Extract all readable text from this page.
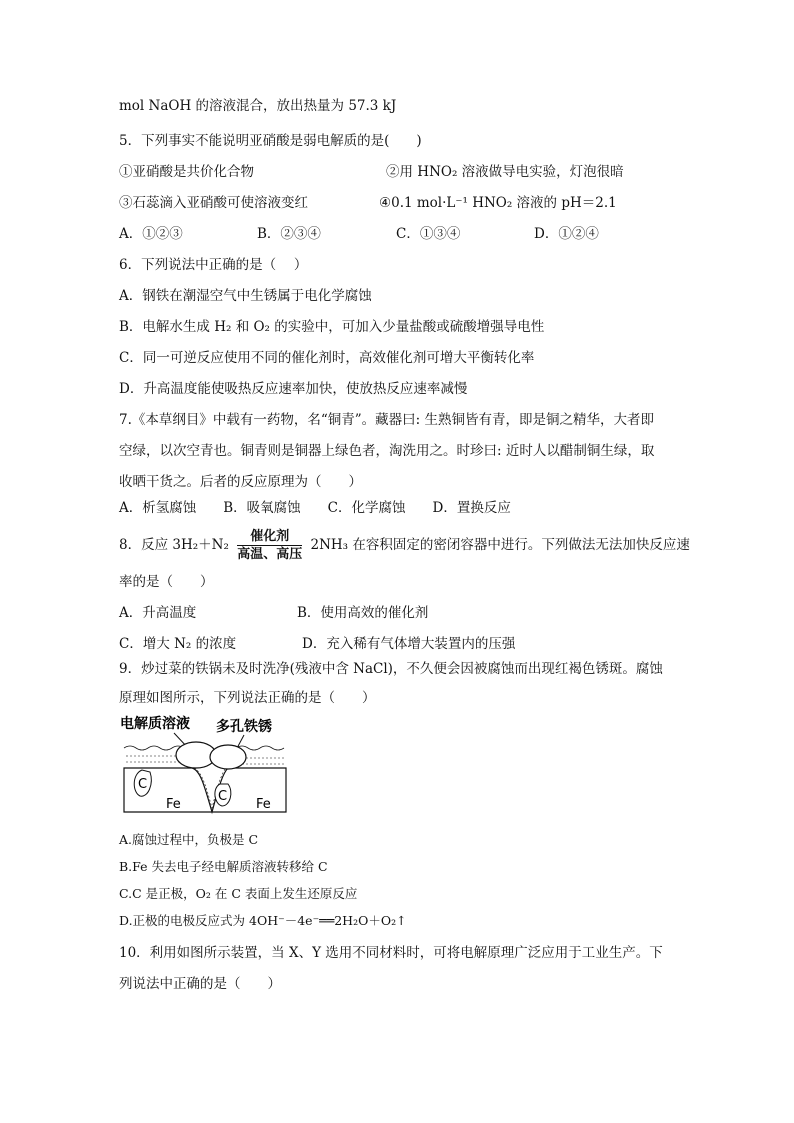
mol NaOH 的溶液混合，放出热量为 57.3 kJ
5．下列事实不能说明亚硝酸是弱电解质的是(　　)
①亚硝酸是共价化合物	②用 HNO₂ 溶液做导电实验，灯泡很暗
③石蕊滴入亚硝酸可使溶液变红	④0.1 mol·L⁻¹ HNO₂ 溶液的 pH＝2.1
A．①②③	B．②③④	C．①③④	D．①②④
6．下列说法中正确的是（　 ）
A．钢铁在潮湿空气中生锈属于电化学腐蚀
B．电解水生成 H₂ 和 O₂ 的实验中，可加入少量盐酸或硫酸增强导电性
C．同一可逆反应使用不同的催化剂时，高效催化剂可增大平衡转化率
D．升高温度能使吸热反应速率加快，使放热反应速率减慢
7.《本草纲目》中载有一药物，名“铜青”。藏器曰: 生熟铜皆有青，即是铜之精华，大者即
空绿，以次空青也。铜青则是铜器上绿色者，淘洗用之。时珍曰: 近时人以醋制铜生绿，取
收晒干货之。后者的反应原理为（　　）
A．析氢腐蚀　　B．吸氧腐蚀　　C．化学腐蚀　　D．置换反应
8．反应 3H₂＋N₂
催化剂
高温、高压
2NH₃ 在容积固定的密闭容器中进行。下列做法无法加快反应速
率的是（　　）
A．升高温度	B．使用高效的催化剂
C．增大 N₂ 的浓度	D．充入稀有气体增大装置内的压强
9．炒过菜的铁锅未及时洗净(残液中含 NaCl)，不久便会因被腐蚀而出现红褐色锈斑。腐蚀
原理如图所示，下列说法正确的是（　　）
电解质溶液 多孔铁锈
C
C
Fe	Fe
A.腐蚀过程中，负极是 C
B.Fe 失去电子经电解质溶液转移给 C
C.C 是正极，O₂ 在 C 表面上发生还原反应
D.正极的电极反应式为 4OH⁻－4e⁻══2H₂O＋O₂↑
10．利用如图所示装置，当 X、Y 选用不同材料时，可将电解原理广泛应用于工业生产。下
列说法中正确的是（　　）
